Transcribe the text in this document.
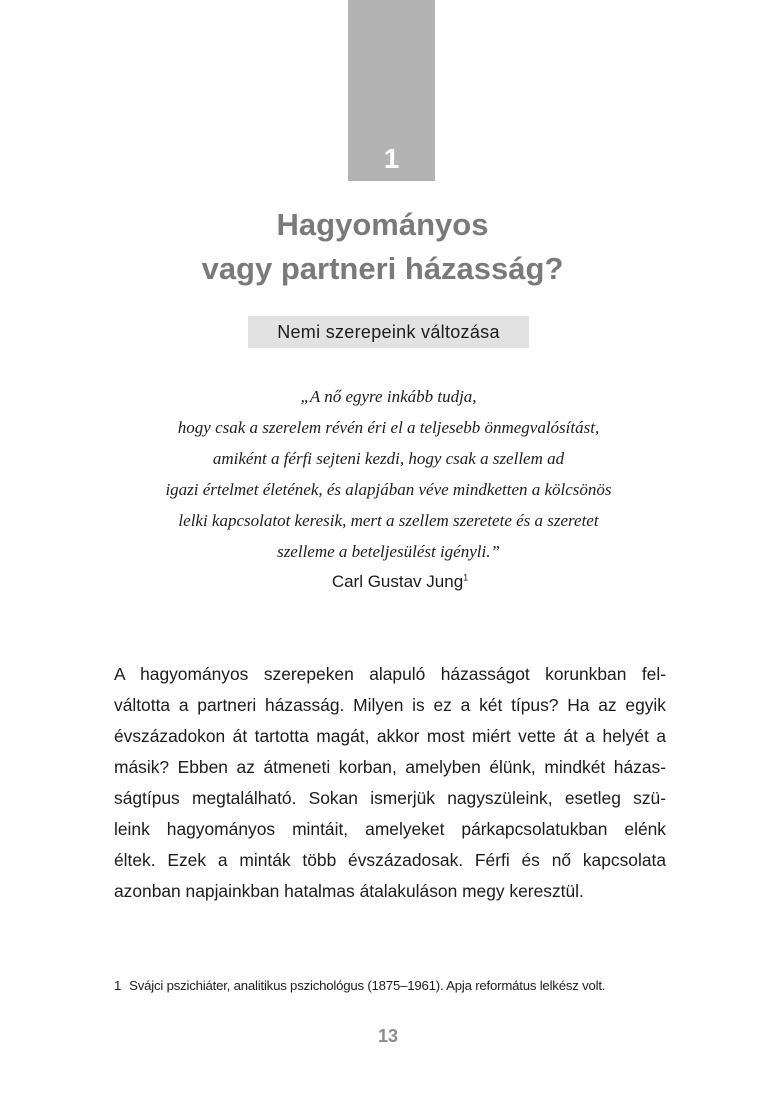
1
Hagyományos
vagy partneri házasság?
Nemi szerepeink változása
„A nő egyre inkább tudja,
hogy csak a szerelem révén éri el a teljesebb önmegvalósítást,
amiként a férfi sejteni kezdi, hogy csak a szellem ad
igazi értelmet életének, és alapjában véve mindketten a kölcsönös
lelki kapcsolatot keresik, mert a szellem szeretete és a szeretet
szelleme a beteljesülést igényli.”
Carl Gustav Jung$^1$
A hagyományos szerepeken alapuló házasságot korunkban fel-
váltotta a partneri házasság. Milyen is ez a két típus? Ha az egyik
évszázadokon át tartotta magát, akkor most miért vette át a helyét a
másik? Ebben az átmeneti korban, amelyben élünk, mindkét házas-
ságtípus megtalálható. Sokan ismerjük nagyszüleink, esetleg szü-
leink hagyományos mintáit, amelyeket párkapcsolatukban elénk
éltek. Ezek a minták több évszázadosak. Férfi és nő kapcsolata
azonban napjainkban hatalmas átalakuláson megy keresztül.
1 Svájci pszichiáter, analitikus pszichológus (1875–1961). Apja református lelkész volt.
13
